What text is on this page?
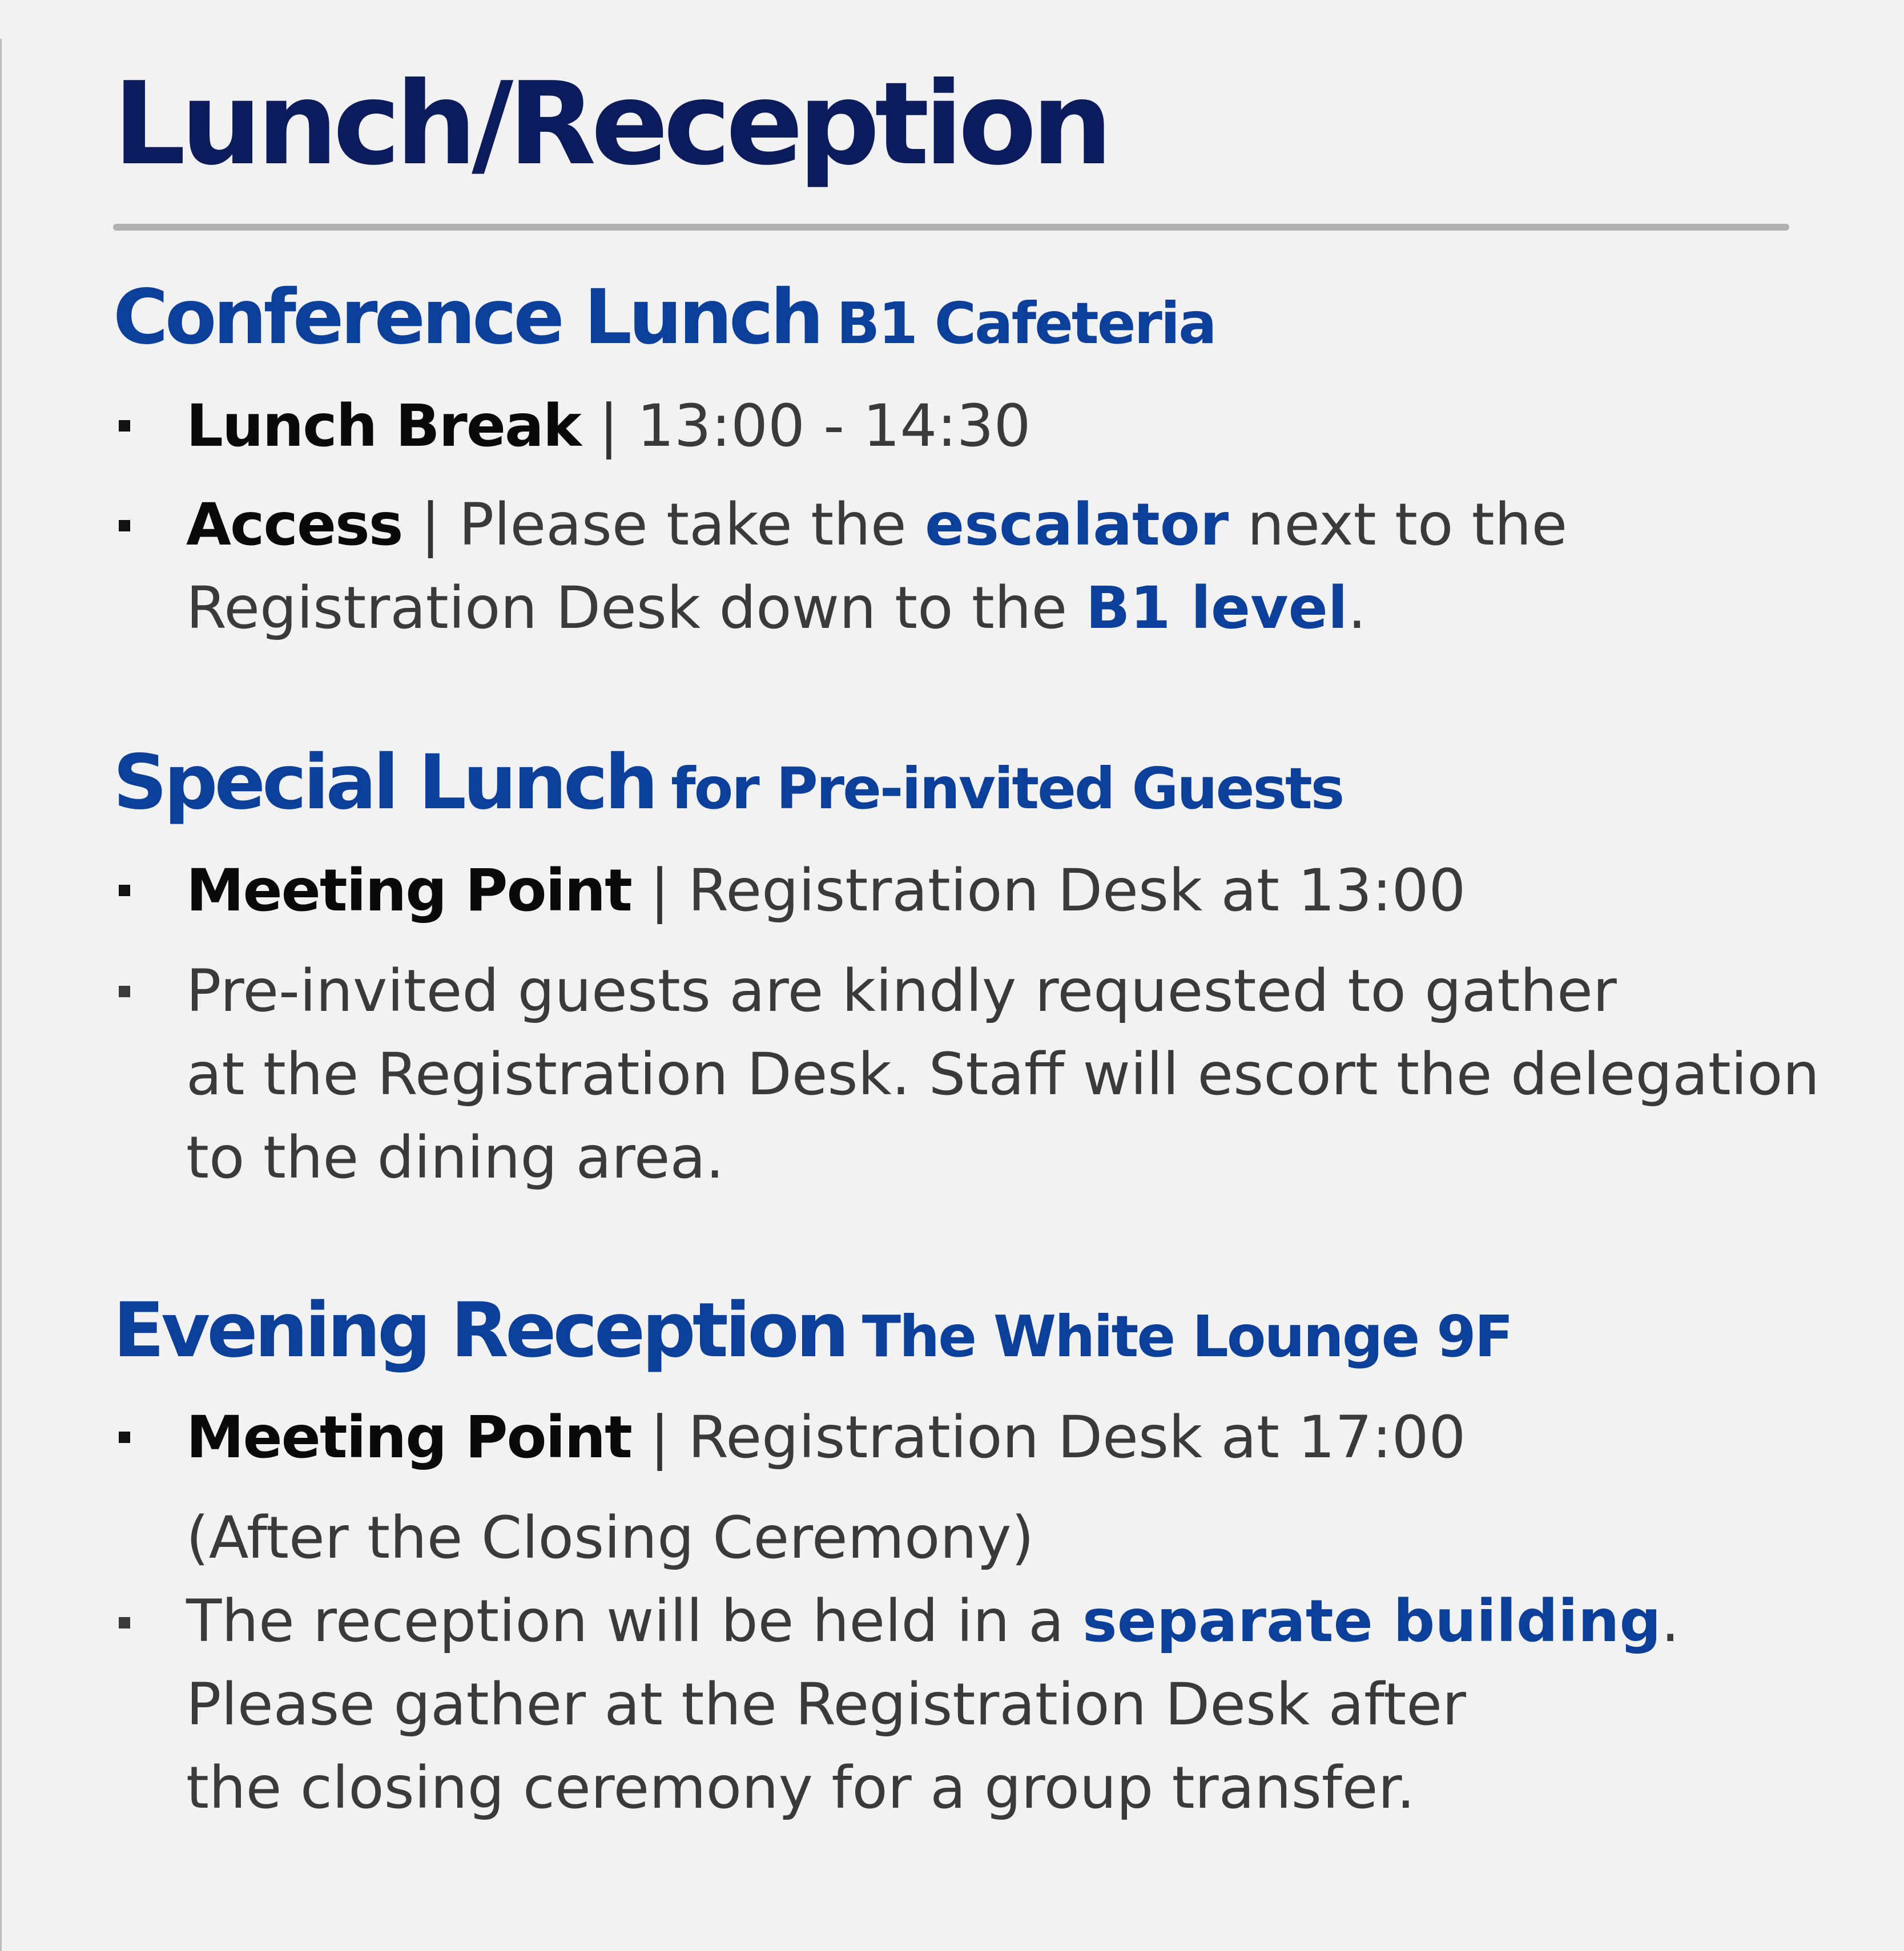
Lunch/Reception
Conference Lunch B1 Cafeteria
Lunch Break | 13:00 - 14:30
Access | Please take the escalator next to the
Registration Desk down to the B1 level.
Special Lunch for Pre-invited Guests
Meeting Point | Registration Desk at 13:00
Pre-invited guests are kindly requested to gather
at the Registration Desk. Staff will escort the delegation
to the dining area.
Evening Reception The White Lounge 9F
Meeting Point | Registration Desk at 17:00
(After the Closing Ceremony)
The reception will be held in a separate building.
Please gather at the Registration Desk after
the closing ceremony for a group transfer.
